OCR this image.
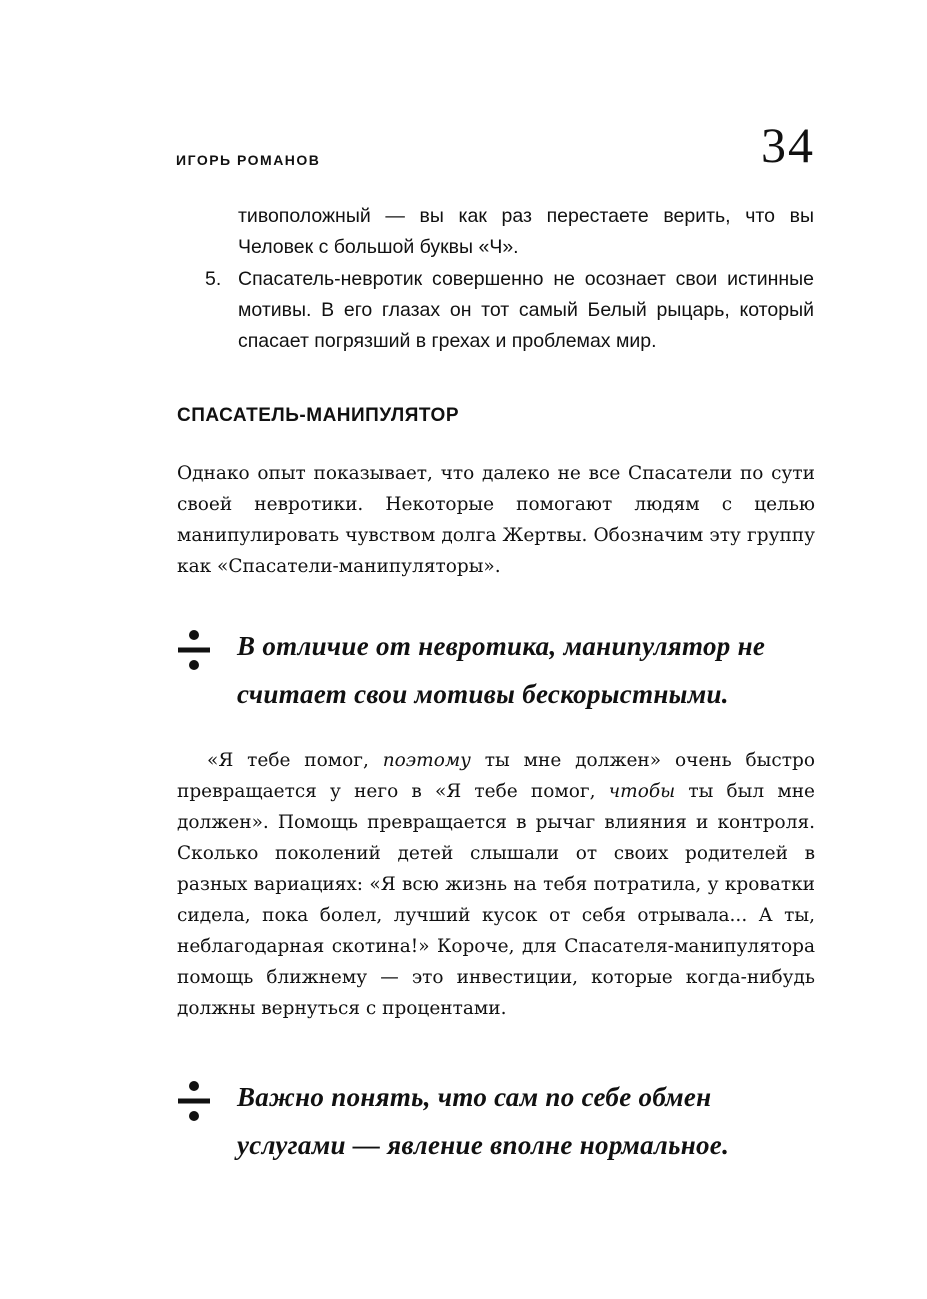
ИГОРЬ РОМАНОВ	34
тивоположный — вы как раз перестаете верить, что вы Человек с большой буквы «Ч».
5. Спасатель-невротик совершенно не осознает свои истинные мотивы. В его глазах он тот самый Белый рыцарь, который спасает погрязший в грехах и проблемах мир.
СПАСАТЕЛЬ-МАНИПУЛЯТОР
Однако опыт показывает, что далеко не все Спасатели по сути своей невротики. Некоторые помогают людям с целью манипулировать чувством долга Жертвы. Обозначим эту группу как «Спасатели-манипуляторы».
В отличие от невротика, манипулятор не считает свои мотивы бескорыстными.
«Я тебе помог, поэтому ты мне должен» очень быстро превращается у него в «Я тебе помог, чтобы ты был мне должен». Помощь превращается в рычаг влияния и контроля. Сколько поколений детей слышали от своих родителей в разных вариациях: «Я всю жизнь на тебя потратила, у кроватки сидела, пока болел, лучший кусок от себя отрывала... А ты, неблагодарная скотина!» Короче, для Спасателя-манипулятора помощь ближнему — это инвестиции, которые когда-нибудь должны вернуться с процентами.
Важно понять, что сам по себе обмен услугами — явление вполне нормальное.
